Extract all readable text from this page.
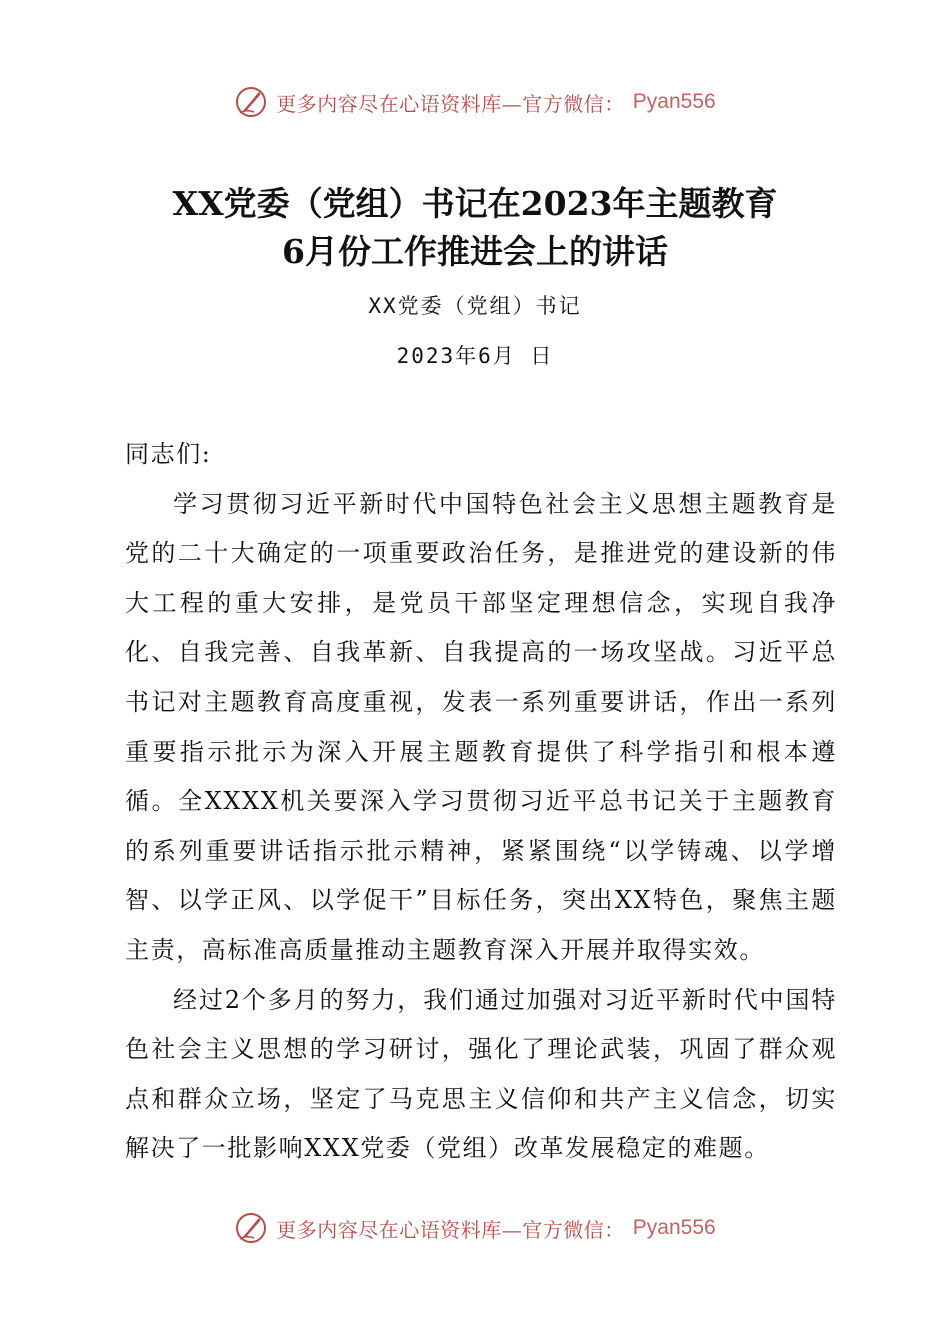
更多内容尽在心语资料库—官方微信： Pyan556
XX党委（党组）书记在2023年主题教育
6月份工作推进会上的讲话
XX党委（党组）书记
2023年6月 日

同志们:

学习贯彻习近平新时代中国特色社会主义思想主题教育是党的二十大确定的一项重要政治任务，是推进党的建设新的伟大工程的重大安排，是党员干部坚定理想信念，实现自我净化、自我完善、自我革新、自我提高的一场攻坚战。习近平总书记对主题教育高度重视，发表一系列重要讲话，作出一系列重要指示批示为深入开展主题教育提供了科学指引和根本遵循。全XXXX机关要深入学习贯彻习近平总书记关于主题教育的系列重要讲话指示批示精神，紧紧围绕“以学铸魂、以学增智、以学正风、以学促干”目标任务，突出XX特色，聚焦主题主责，高标准高质量推动主题教育深入开展并取得实效。

经过2个多月的努力，我们通过加强对习近平新时代中国特色社会主义思想的学习研讨，强化了理论武装，巩固了群众观点和群众立场，坚定了马克思主义信仰和共产主义信念，切实解决了一批影响XXX党委（党组）改革发展稳定的难题。

更多内容尽在心语资料库—官方微信： Pyan556
